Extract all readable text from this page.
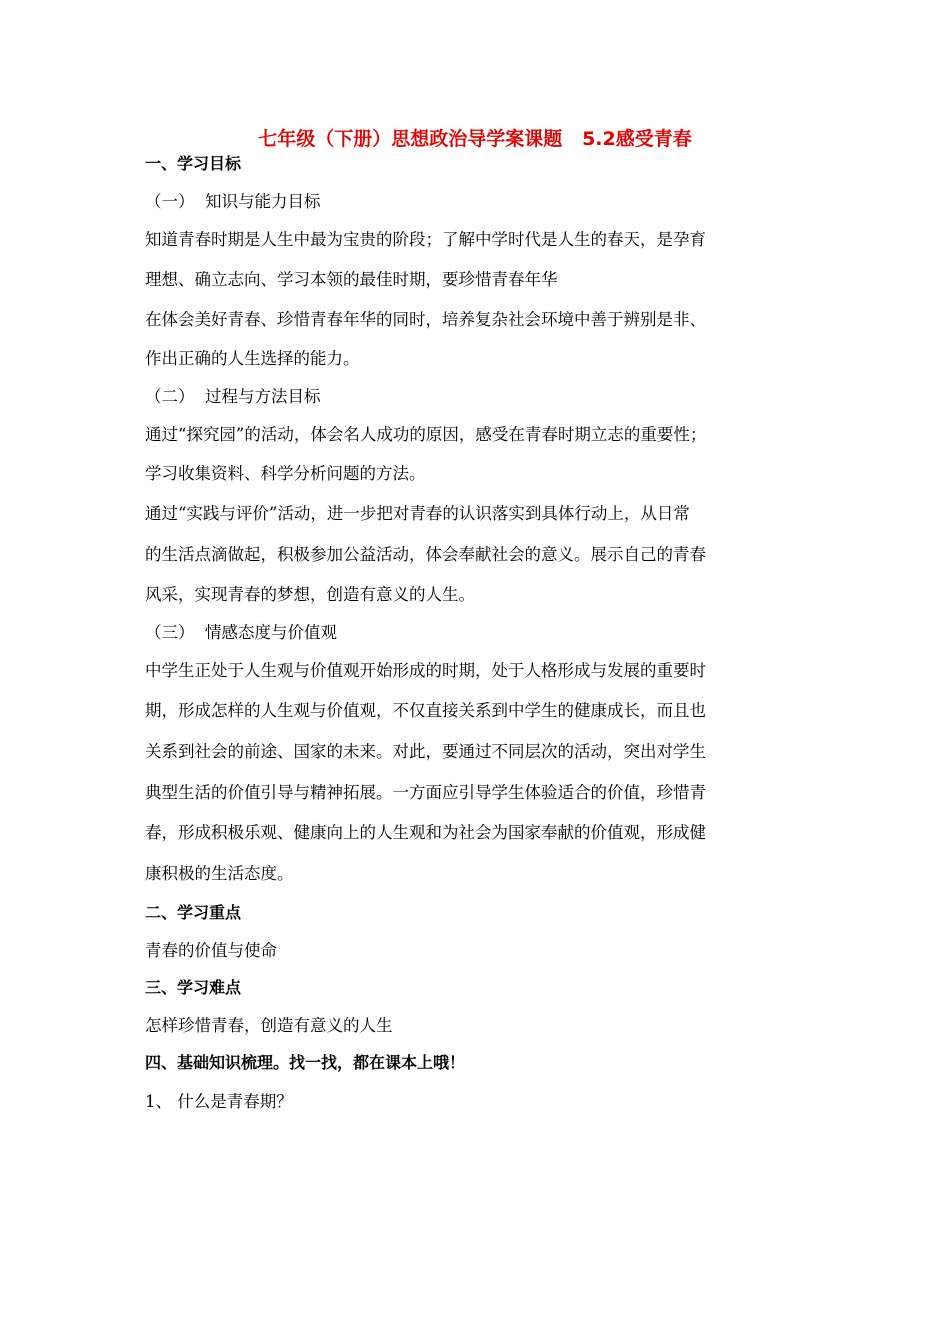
七年级（下册）思想政治导学案课题   5.2感受青春
一、学习目标
（一）  知识与能力目标
知道青春时期是人生中最为宝贵的阶段；了解中学时代是人生的春天，是孕育
理想、确立志向、学习本领的最佳时期，要珍惜青春年华
在体会美好青春、珍惜青春年华的同时，培养复杂社会环境中善于辨别是非、
作出正确的人生选择的能力。
（二）  过程与方法目标
通过“探究园”的活动，体会名人成功的原因，感受在青春时期立志的重要性；
学习收集资料、科学分析问题的方法。
通过“实践与评价”活动，进一步把对青春的认识落实到具体行动上，从日常
的生活点滴做起，积极参加公益活动，体会奉献社会的意义。展示自己的青春
风采，实现青春的梦想，创造有意义的人生。
（三）  情感态度与价值观
中学生正处于人生观与价值观开始形成的时期，处于人格形成与发展的重要时
期，形成怎样的人生观与价值观，不仅直接关系到中学生的健康成长，而且也
关系到社会的前途、国家的未来。对此，要通过不同层次的活动，突出对学生
典型生活的价值引导与精神拓展。一方面应引导学生体验适合的价值，珍惜青
春，形成积极乐观、健康向上的人生观和为社会为国家奉献的价值观，形成健
康积极的生活态度。
二、学习重点
青春的价值与使命
三、学习难点
怎样珍惜青春，创造有意义的人生
四、基础知识梳理。找一找，都在课本上哦！
1、 什么是青春期？
